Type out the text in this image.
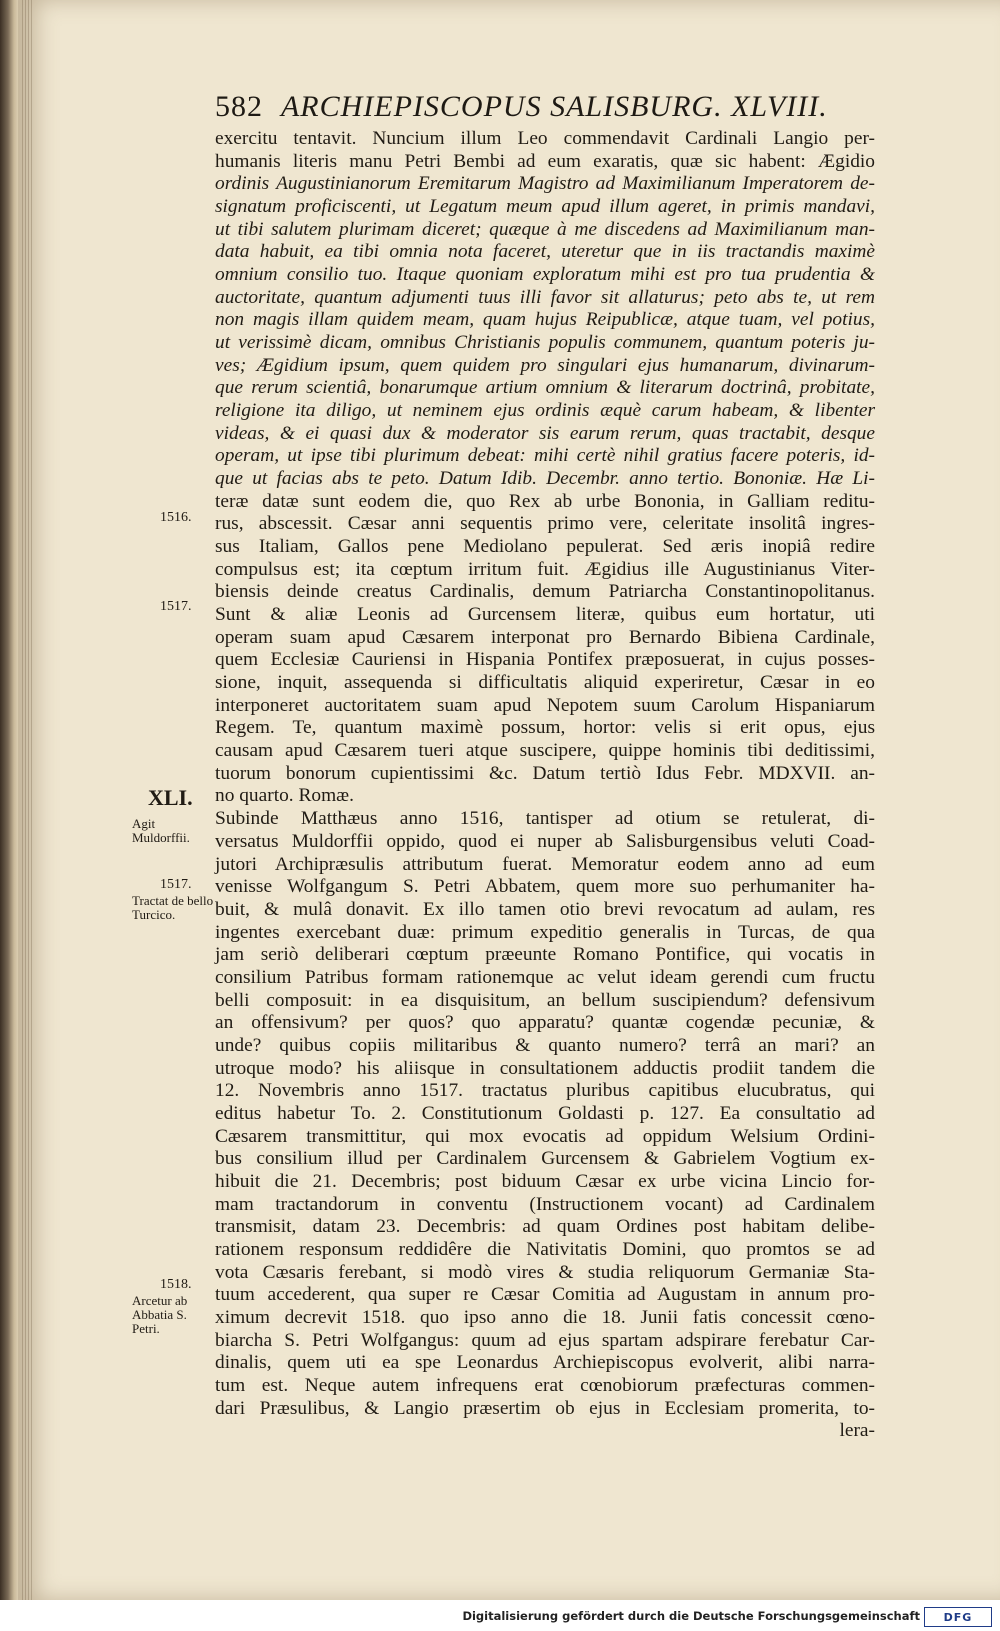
582 ARCHIEPISCOPUS SALISBURG. XLVIII.
exercitu tentavit. Nuncium illum Leo commendavit Cardinali Langio per-
humanis literis manu Petri Bembi ad eum exaratis, quæ sic habent: Ægidio
ordinis Augustinianorum Eremitarum Magistro ad Maximilianum Imperatorem de-
signatum proficiscenti, ut Legatum meum apud illum ageret, in primis mandavi,
ut tibi salutem plurimam diceret; quæque à me discedens ad Maximilianum man-
data habuit, ea tibi omnia nota faceret, uteretur que in iis tractandis maximè
omnium consilio tuo. Itaque quoniam exploratum mihi est pro tua prudentia &
auctoritate, quantum adjumenti tuus illi favor sit allaturus; peto abs te, ut rem
non magis illam quidem meam, quam hujus Reipublicæ, atque tuam, vel potius,
ut verissimè dicam, omnibus Christianis populis communem, quantum poteris ju-
ves; Ægidium ipsum, quem quidem pro singulari ejus humanarum, divinarum-
que rerum scientiâ, bonarumque artium omnium & literarum doctrinâ, probitate,
religione ita diligo, ut neminem ejus ordinis æquè carum habeam, & libenter
videas, & ei quasi dux & moderator sis earum rerum, quas tractabit, desque
operam, ut ipse tibi plurimum debeat: mihi certè nihil gratius facere poteris, id-
que ut facias abs te peto. Datum Idib. Decembr. anno tertio. Bononiæ. Hæ Li-
teræ datæ sunt eodem die, quo Rex ab urbe Bononia, in Galliam reditu-
rus, abscessit. Cæsar anni sequentis primo vere, celeritate insolitâ ingres-
sus Italiam, Gallos pene Mediolano pepulerat. Sed æris inopiâ redire
compulsus est; ita cœptum irritum fuit. Ægidius ille Augustinianus Viter-
biensis deinde creatus Cardinalis, demum Patriarcha Constantinopolitanus.
Sunt & aliæ Leonis ad Gurcensem literæ, quibus eum hortatur, uti
operam suam apud Cæsarem interponat pro Bernardo Bibiena Cardinale,
quem Ecclesiæ Cauriensi in Hispania Pontifex præposuerat, in cujus posses-
sione, inquit, assequenda si difficultatis aliquid experiretur, Cæsar in eo
interponeret auctoritatem suam apud Nepotem suum Carolum Hispaniarum
Regem. Te, quantum maximè possum, hortor: velis si erit opus, ejus
causam apud Cæsarem tueri atque suscipere, quippe hominis tibi deditissimi,
tuorum bonorum cupientissimi &c. Datum tertiò Idus Febr. MDXVII. an-
no quarto. Romæ.
Subinde Matthæus anno 1516, tantisper ad otium se retulerat, di-
versatus Muldorffii oppido, quod ei nuper ab Salisburgensibus veluti Coad-
jutori Archipræsulis attributum fuerat. Memoratur eodem anno ad eum
venisse Wolfgangum S. Petri Abbatem, quem more suo perhumaniter ha-
buit, & mulâ donavit. Ex illo tamen otio brevi revocatum ad aulam, res
ingentes exercebant duæ: primum expeditio generalis in Turcas, de qua
jam seriò deliberari cœptum præeunte Romano Pontifice, qui vocatis in
consilium Patribus formam rationemque ac velut ideam gerendi cum fructu
belli composuit: in ea disquisitum, an bellum suscipiendum? defensivum
an offensivum? per quos? quo apparatu? quantæ cogendæ pecuniæ, &
unde? quibus copiis militaribus & quanto numero? terrâ an mari? an
utroque modo? his aliisque in consultationem adductis prodiit tandem die
12. Novembris anno 1517. tractatus pluribus capitibus elucubratus, qui
editus habetur To. 2. Constitutionum Goldasti p. 127. Ea consultatio ad
Cæsarem transmittitur, qui mox evocatis ad oppidum Welsium Ordini-
bus consilium illud per Cardinalem Gurcensem & Gabrielem Vogtium ex-
hibuit die 21. Decembris; post biduum Cæsar ex urbe vicina Lincio for-
mam tractandorum in conventu (Instructionem vocant) ad Cardinalem
transmisit, datam 23. Decembris: ad quam Ordines post habitam delibe-
rationem responsum reddidêre die Nativitatis Domini, quo promtos se ad
vota Cæsaris ferebant, si modò vires & studia reliquorum Germaniæ Sta-
tuum accederent, qua super re Cæsar Comitia ad Augustam in annum pro-
ximum decrevit 1518. quo ipso anno die 18. Junii fatis concessit cœno-
biarcha S. Petri Wolfgangus: quum ad ejus spartam adspirare ferebatur Car-
dinalis, quem uti ea spe Leonardus Archiepiscopus evolverit, alibi narra-
tum est. Neque autem infrequens erat cœnobiorum præfecturas commen-
dari Præsulibus, & Langio præsertim ob ejus in Ecclesiam promerita, to-
lera-
1516.
1517.
XLI.
Agit Muldorffii.
1517.
Tractat de bello Turcico.
1518.
Arcetur ab Abbatia S. Petri.
Digitalisierung gefördert durch die Deutsche Forschungsgemeinschaft	DFG
